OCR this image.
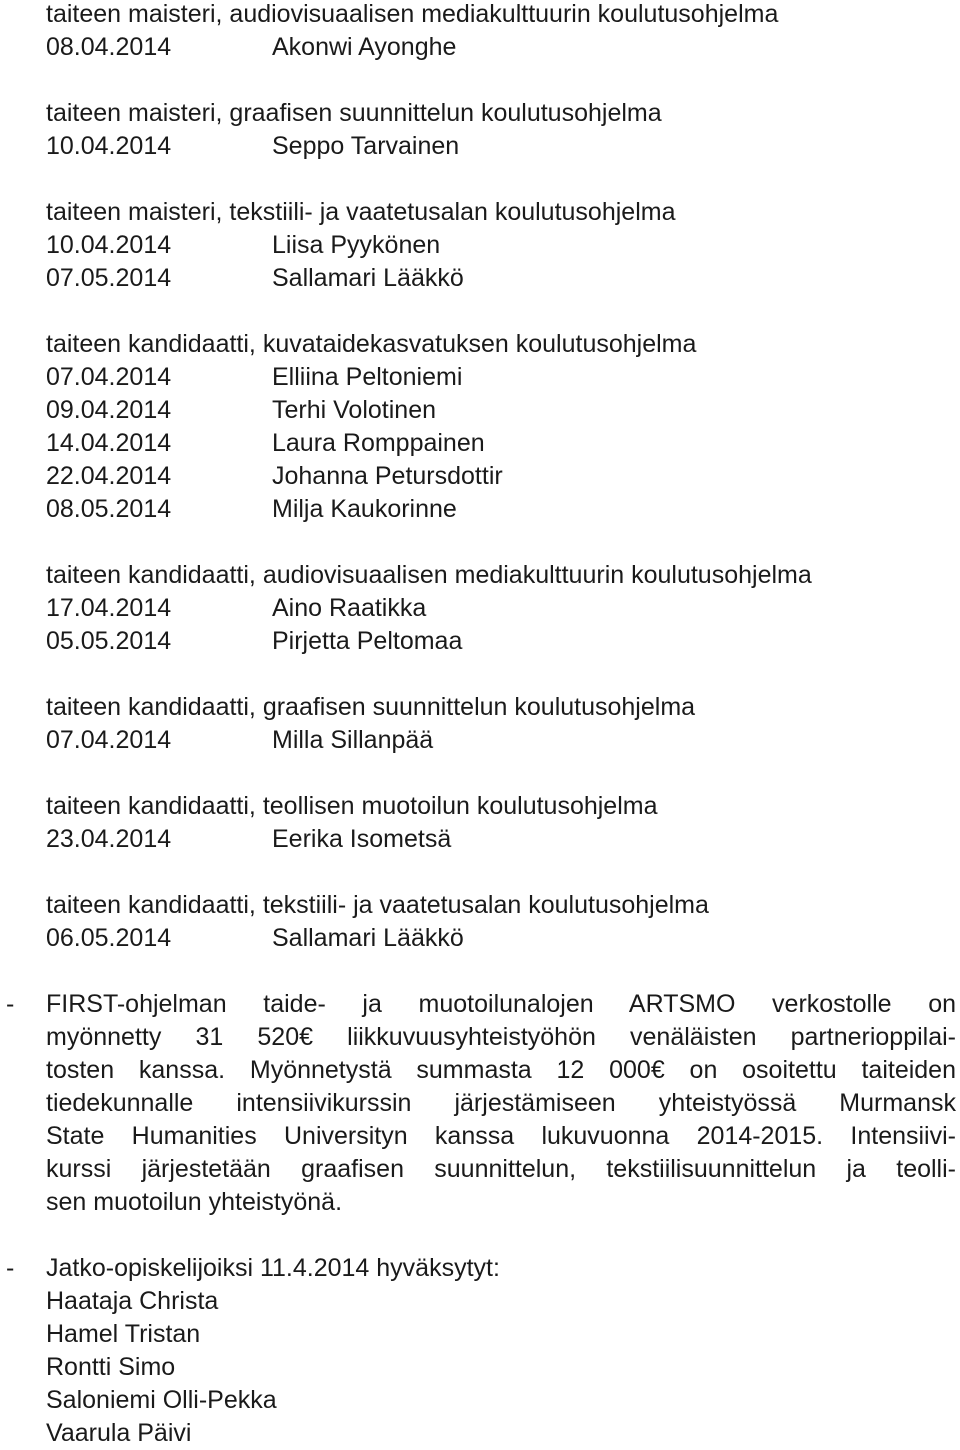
taiteen maisteri, audiovisuaalisen mediakulttuurin koulutusohjelma
08.04.2014	Akonwi Ayonghe
taiteen maisteri, graafisen suunnittelun koulutusohjelma
10.04.2014	Seppo Tarvainen
taiteen maisteri, tekstiili- ja vaatetusalan koulutusohjelma
10.04.2014	Liisa Pyykönen
07.05.2014	Sallamari Lääkkö
taiteen kandidaatti, kuvataidekasvatuksen koulutusohjelma
07.04.2014	Elliina Peltoniemi
09.04.2014	Terhi Volotinen
14.04.2014	Laura Romppainen
22.04.2014	Johanna Petursdottir
08.05.2014	Milja Kaukorinne
taiteen kandidaatti, audiovisuaalisen mediakulttuurin koulutusohjelma
17.04.2014	Aino Raatikka
05.05.2014	Pirjetta Peltomaa
taiteen kandidaatti, graafisen suunnittelun koulutusohjelma
07.04.2014	Milla Sillanpää
taiteen kandidaatti, teollisen muotoilun koulutusohjelma
23.04.2014	Eerika Isometsä
taiteen kandidaatti, tekstiili- ja vaatetusalan koulutusohjelma
06.05.2014	Sallamari Lääkkö
- FIRST-ohjelman taide- ja muotoilunalojen ARTSMO verkostolle on
myönnetty 31 520€ liikkuvuusyhteistyöhön venäläisten partnerioppilai-
tosten kanssa. Myönnetystä summasta 12 000€ on osoitettu taiteiden
tiedekunnalle intensiivikurssin järjestämiseen yhteistyössä Murmansk
State Humanities Universityn kanssa lukuvuonna 2014-2015. Intensiivi-
kurssi järjestetään graafisen suunnittelun, tekstiilisuunnittelun ja teolli-
sen muotoilun yhteistyönä.
- Jatko-opiskelijoiksi 11.4.2014 hyväksytyt:
Haataja Christa
Hamel Tristan
Rontti Simo
Saloniemi Olli-Pekka
Vaarula Päivi
